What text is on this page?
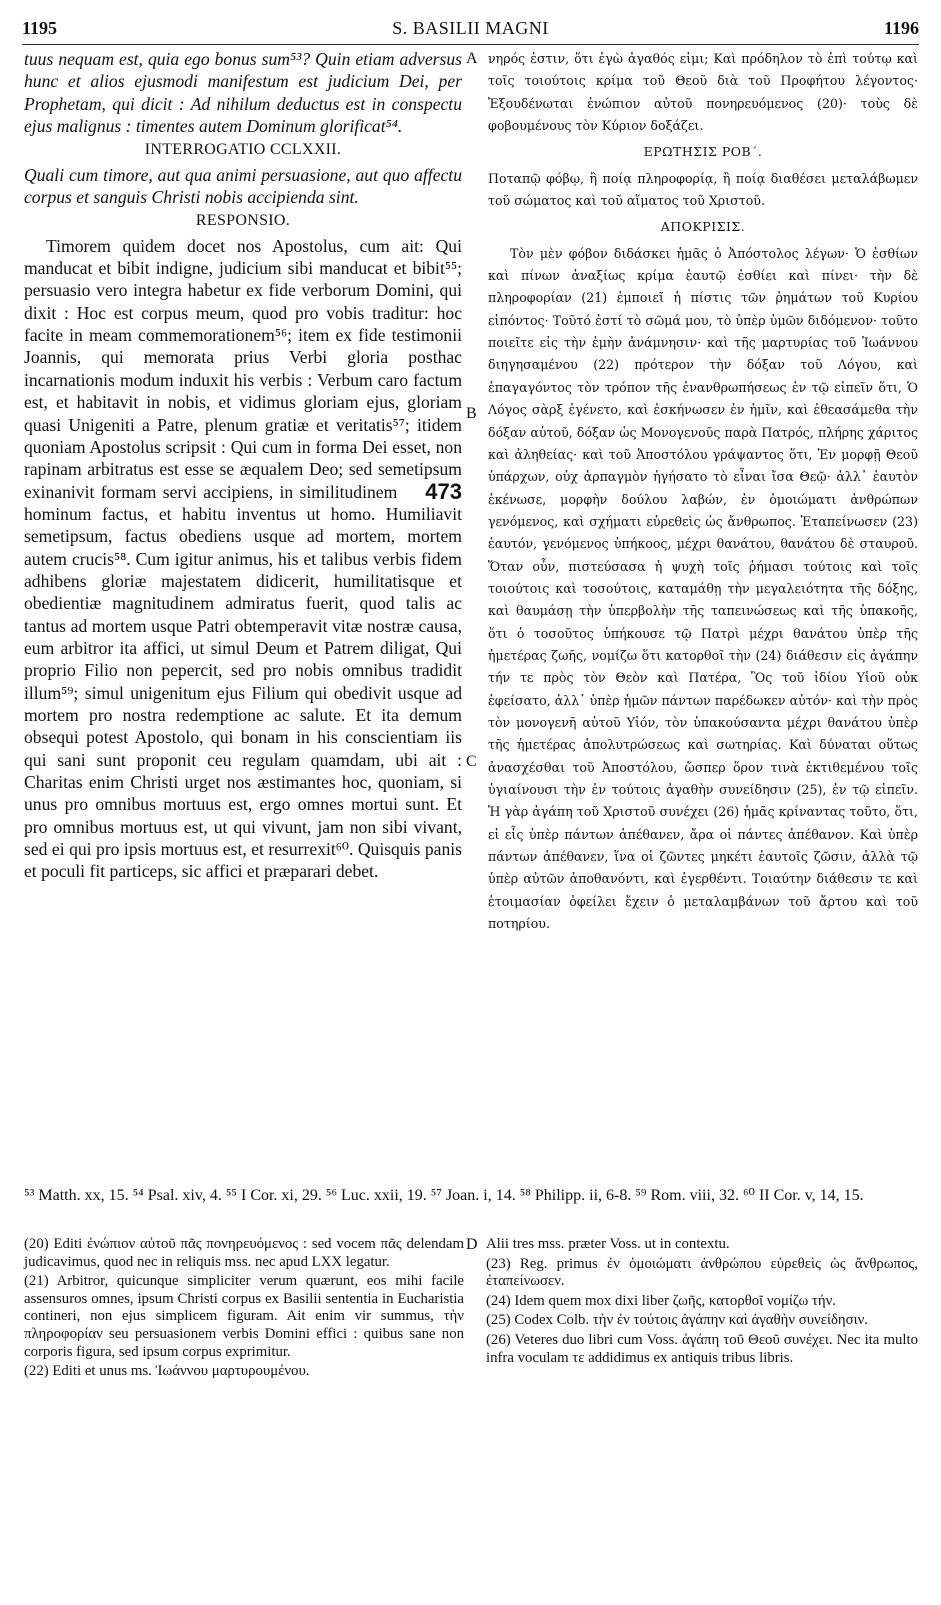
1195	S. BASILII MAGNI	1196

tuus nequam est, quia ego bonus sum⁵³? Quin etiam adversus hunc et alios ejusmodi manifestum est judicium Dei, per Prophetam, qui dicit : Ad nihilum deductus est in conspectu ejus malignus : timentes autem Dominum glorificat⁵⁴.

INTERROGATIO CCLXXII.

Quali cum timore, aut qua animi persuasione, aut quo affectu corpus et sanguis Christi nobis accipienda sint.

RESPONSIO.

Timorem quidem docet nos Apostolus, cum ait: Qui manducat et bibit indigne, judicium sibi manducat et bibit⁵⁵; persuasio vero integra habetur ex fide verborum Domini, qui dixit : Hoc est corpus meum, quod pro vobis traditur: hoc facite in meam commemorationem⁵⁶; item ex fide testimonii Joannis, qui memorata prius Verbi gloria posthac incarnationis modum induxit his verbis : Verbum caro factum est, et habitavit in nobis, et vidimus gloriam ejus, gloriam quasi Unigeniti a Patre, plenum gratiæ et veritatis⁵⁷; itidem quoniam Apostolus scripsit : Qui cum in forma Dei esset, non rapinam arbitratus est esse se æqualem Deo; sed semetipsum exinanivit formam servi accipiens, in	473
similitudinem hominum factus, et habitu inventus ut homo. Humiliavit semetipsum, factus obediens usque ad mortem, mortem autem crucis⁵⁸. Cum igitur animus, his et talibus verbis fidem adhibens gloriæ majestatem didicerit, humilitatisque et obedientiæ magnitudinem admiratus fuerit, quod talis ac tantus ad mortem usque Patri obtemperavit vitæ nostræ causa, eum arbitror ita affici, ut simul Deum et Patrem diligat, Qui proprio Filio non pepercit, sed pro nobis omnibus tradidit illum⁵⁹; simul unigenitum ejus Filium qui obedivit usque ad mortem pro nostra redemptione ac salute. Et ita demum obsequi potest Apostolo, qui bonam in his conscientiam iis qui sani sunt proponit ceu regulam quamdam, ubi ait : Charitas enim Christi urget nos æstimantes hoc, quoniam, si unus pro omnibus mortuus est, ergo omnes mortui sunt. Et pro omnibus mortuus est, ut qui vivunt, jam non sibi vivant, sed ei qui pro ipsis mortuus est, et resurrexit⁶⁰. Quisquis panis et poculi fit particeps, sic affici et præparari debet.

A
B
C
D

νηρός ἐστιν, ὅτι ἐγὼ ἀγαθός εἰμι; Καὶ πρόδηλον τὸ ἐπὶ τούτῳ καὶ τοῖς τοιούτοις κρίμα τοῦ Θεοῦ διὰ τοῦ Προφήτου λέγοντος· Ἐξουδένωται ἐνώπιον αὐτοῦ πονηρευόμενος (20)· τοὺς δὲ φοβουμένους τὸν Κύριον δοξάζει.

ΕΡΩΤΗΣΙΣ ΡΟΒ΄.

Ποταπῷ φόβῳ, ἢ ποίᾳ πληροφορίᾳ, ἢ ποίᾳ διαθέσει μεταλάβωμεν τοῦ σώματος καὶ τοῦ αἵματος τοῦ Χριστοῦ.

ΑΠΟΚΡΙΣΙΣ.

Τὸν μὲν φόβον διδάσκει ἡμᾶς ὁ Ἀπόστολος λέγων· Ὁ ἐσθίων καὶ πίνων ἀναξίως κρίμα ἑαυτῷ ἐσθίει καὶ πίνει· τὴν δὲ πληροφορίαν (21) ἐμποιεῖ ἡ πίστις τῶν ῥημάτων τοῦ Κυρίου εἰπόντος· Τοῦτό ἐστί τὸ σῶμά μου, τὸ ὑπὲρ ὑμῶν διδόμενον· τοῦτο ποιεῖτε εἰς τὴν ἐμὴν ἀνάμνησιν· καὶ τῆς μαρτυρίας τοῦ Ἰωάννου διηγησαμένου (22) πρότερον τὴν δόξαν τοῦ Λόγου, καὶ ἐπαγαγόντος τὸν τρόπον τῆς ἐνανθρωπήσεως ἐν τῷ εἰπεῖν ὅτι, Ὁ Λόγος σὰρξ ἐγένετο, καὶ ἐσκήνωσεν ἐν ἡμῖν, καὶ ἐθεασάμεθα τὴν δόξαν αὐτοῦ, δόξαν ὡς Μονογενοῦς παρὰ Πατρός, πλήρης χάριτος καὶ ἀληθείας· καὶ τοῦ Ἀποστόλου γράψαντος ὅτι, Ἐν μορφῇ Θεοῦ ὑπάρχων, οὐχ ἁρπαγμὸν ἡγήσατο τὸ εἶναι ἴσα Θεῷ· ἀλλ᾽ ἑαυτὸν ἐκένωσε, μορφὴν δούλου λαβών, ἐν ὁμοιώματι ἀνθρώπων γενόμενος, καὶ σχήματι εὑρεθεὶς ὡς ἄνθρωπος. Ἐταπείνωσεν (23) ἑαυτόν, γενόμενος ὑπήκοος, μέχρι θανάτου, θανάτου δὲ σταυροῦ. Ὅταν οὖν, πιστεύσασα ἡ ψυχὴ τοῖς ῥήμασι τούτοις καὶ τοῖς τοιούτοις καὶ τοσούτοις, καταμάθῃ τὴν μεγαλειότητα τῆς δόξης, καὶ θαυμάσῃ τὴν ὑπερβολὴν τῆς ταπεινώσεως καὶ τῆς ὑπακοῆς, ὅτι ὁ τοσοῦτος ὑπήκουσε τῷ Πατρὶ μέχρι θανάτου ὑπὲρ τῆς ἡμετέρας ζωῆς, νομίζω ὅτι κατορθοῖ τὴν (24) διάθεσιν εἰς ἀγάπην τήν τε πρὸς τὸν Θεὸν καὶ Πατέρα, Ὃς τοῦ ἰδίου Υἱοῦ οὐκ ἐφείσατο, ἀλλ᾽ ὑπὲρ ἡμῶν πάντων παρέδωκεν αὐτόν· καὶ τὴν πρὸς τὸν μονογενῆ αὐτοῦ Υἱόν, τὸν ὑπακούσαντα μέχρι θανάτου ὑπὲρ τῆς ἡμετέρας ἀπολυτρώσεως καὶ σωτηρίας. Καὶ δύναται οὕτως ἀνασχέσθαι τοῦ Ἀποστόλου, ὥσπερ ὅρον τινὰ ἐκτιθεμένου τοῖς ὑγιαίνουσι τὴν ἐν τούτοις ἀγαθὴν συνείδησιν (25), ἐν τῷ εἰπεῖν. Ἡ γὰρ ἀγάπη τοῦ Χριστοῦ συνέχει (26) ἡμᾶς κρίναντας τοῦτο, ὅτι, εἰ εἷς ὑπὲρ πάντων ἀπέθανεν, ἄρα οἱ πάντες ἀπέθανον. Καὶ ὑπὲρ πάντων ἀπέθανεν, ἵνα οἱ ζῶντες μηκέτι ἑαυτοῖς ζῶσιν, ἀλλὰ τῷ ὑπὲρ αὐτῶν ἀποθανόντι, καὶ ἐγερθέντι. Τοιαύτην διάθεσιν τε καὶ ἑτοιμασίαν ὀφείλει ἔχειν ὁ μεταλαμβάνων τοῦ ἄρτου καὶ τοῦ ποτηρίου.

⁵³ Matth. xx, 15. ⁵⁴ Psal. xiv, 4. ⁵⁵ I Cor. xi, 29. ⁵⁶ Luc. xxii, 19. ⁵⁷ Joan. i, 14. ⁵⁸ Philipp. ii, 6-8. ⁵⁹ Rom. viii, 32. ⁶⁰ II Cor. v, 14, 15.

(20) Editi ἐνώπιον αὐτοῦ πᾶς πονηρευόμενος : sed vocem πᾶς delendam judicavimus, quod nec in reliquis mss. nec apud LXX legatur.

(21) Arbitror, quicunque simpliciter verum quærunt, eos mihi facile assensuros omnes, ipsum Christi corpus ex Basilii sententia in Eucharistia contineri, non ejus simplicem figuram. Ait enim vir summus, τὴν πληροφορίαν seu persuasionem verbis Domini effici : quibus sane non corporis figura, sed ipsum corpus exprimitur.

(22) Editi et unus ms. Ἰωάννου μαρτυρουμένου.

Alii tres mss. præter Voss. ut in contextu.

(23) Reg. primus ἐν ὁμοιώματι ἀνθρώπου εὑρεθεὶς ὡς ἄνθρωπος, ἐταπείνωσεν.

(24) Idem quem mox dixi liber ζωῆς, κατορθοῖ νομίζω τήν.

(25) Codex Colb. τὴν ἐν τούτοις ἀγάπην καὶ ἀγαθὴν συνείδησιν.

(26) Veteres duo libri cum Voss. ἀγάπη τοῦ Θεοῦ συνέχει. Nec ita multo infra voculam τε addidimus ex antiquis tribus libris.
